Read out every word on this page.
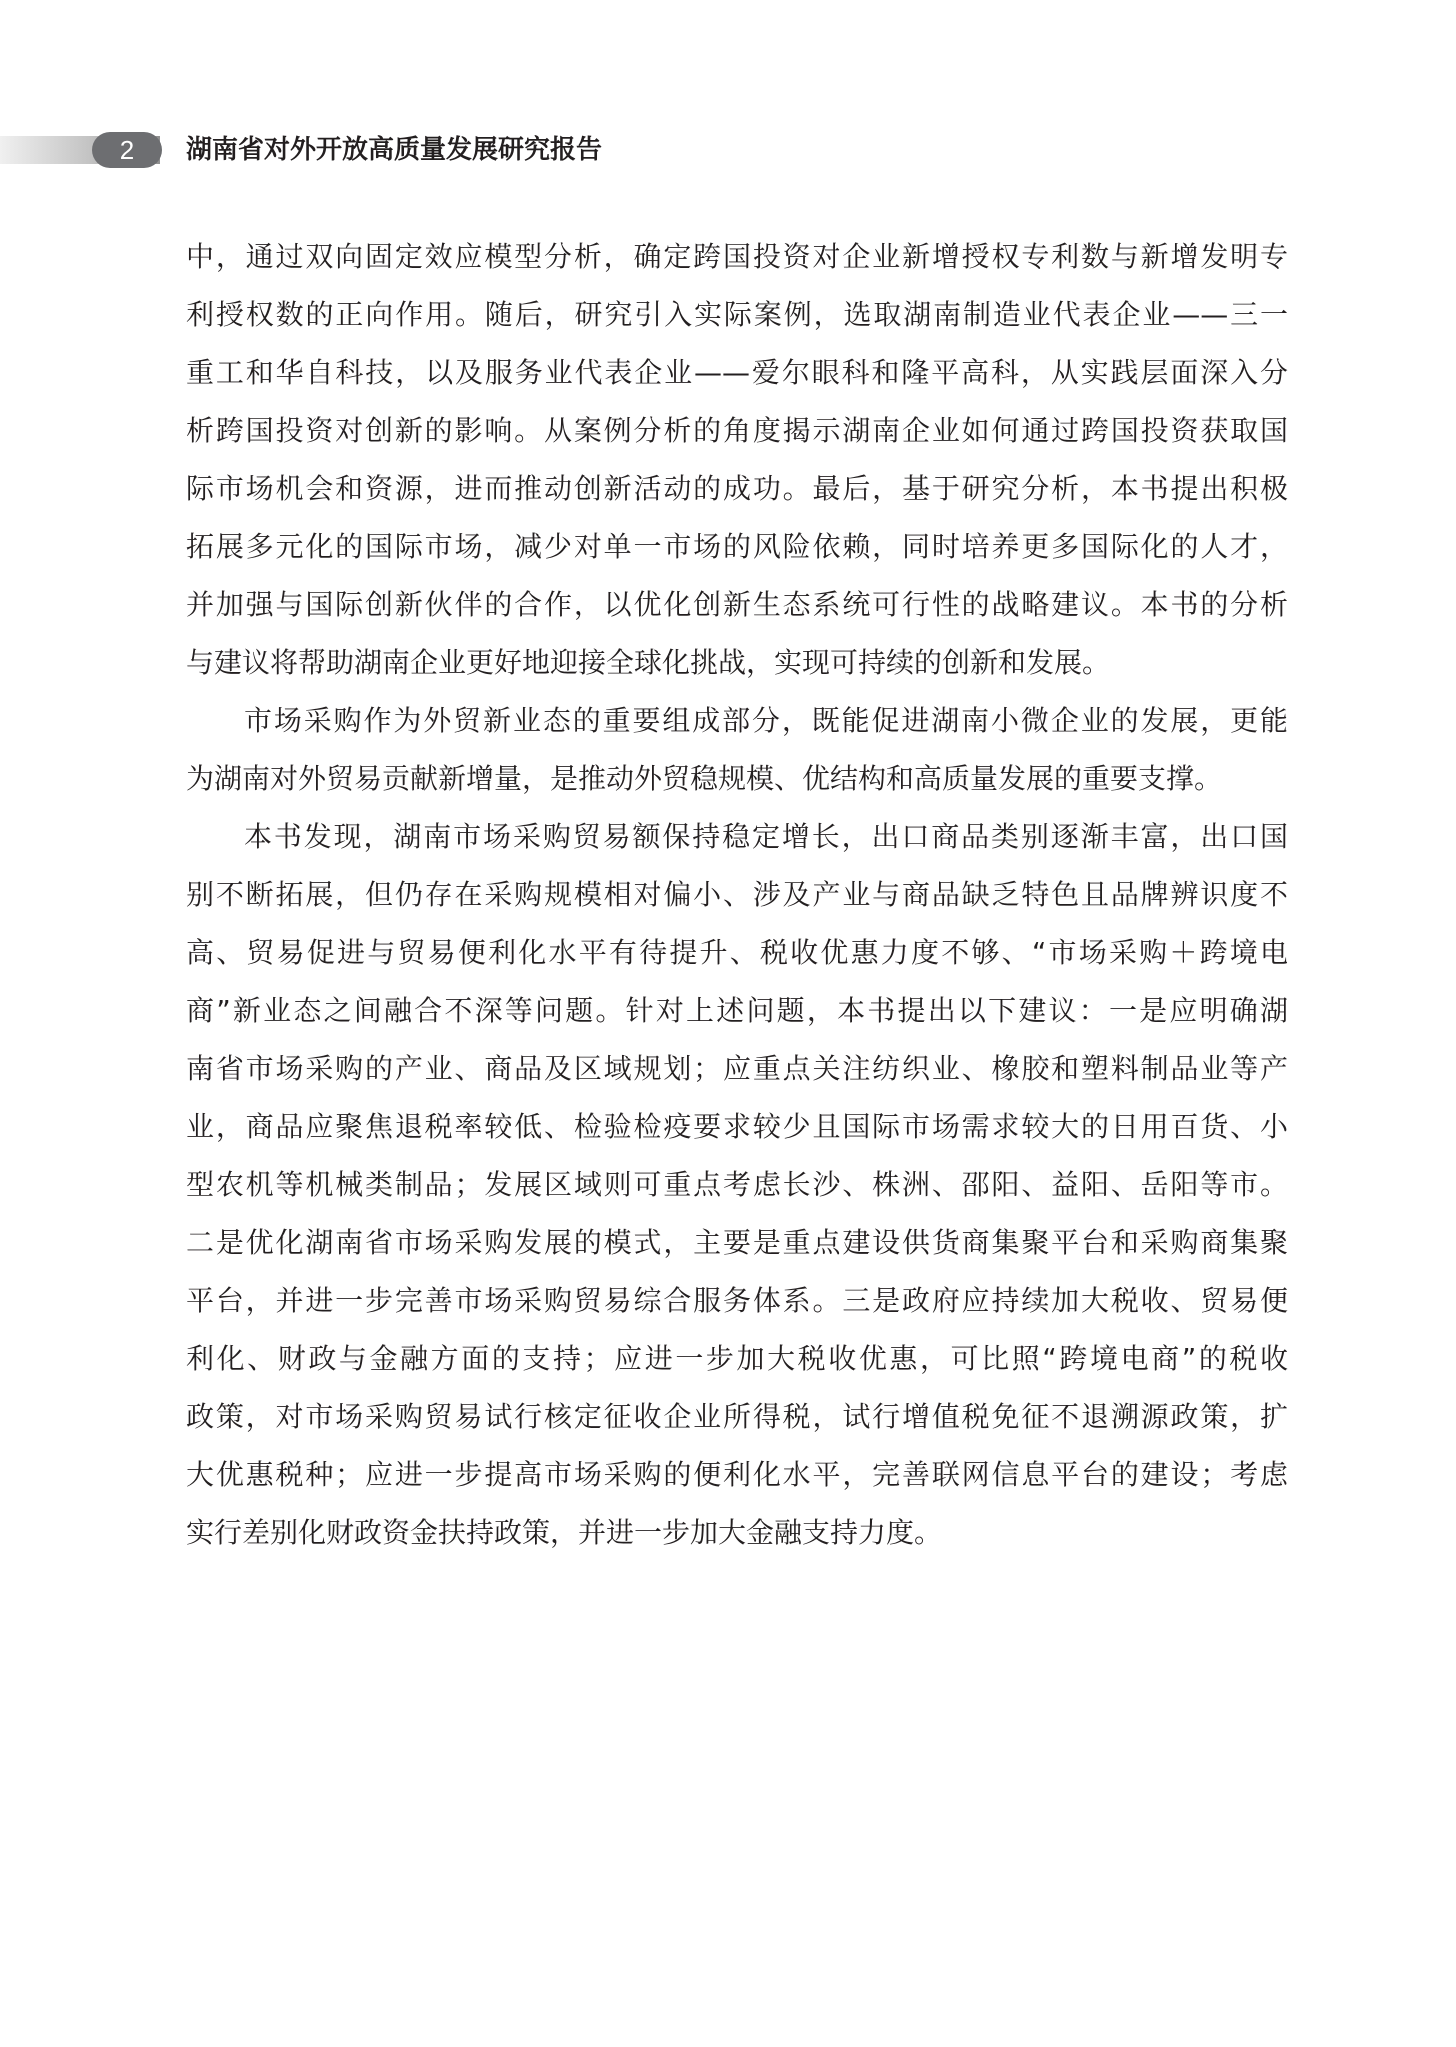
2	湖南省对外开放高质量发展研究报告
中，通过双向固定效应模型分析，确定跨国投资对企业新增授权专利数与新增发明专
利授权数的正向作用。随后，研究引入实际案例，选取湖南制造业代表企业——三一
重工和华自科技，以及服务业代表企业——爱尔眼科和隆平高科，从实践层面深入分
析跨国投资对创新的影响。从案例分析的角度揭示湖南企业如何通过跨国投资获取国
际市场机会和资源，进而推动创新活动的成功。最后，基于研究分析，本书提出积极
拓展多元化的国际市场，减少对单一市场的风险依赖，同时培养更多国际化的人才，
并加强与国际创新伙伴的合作，以优化创新生态系统可行性的战略建议。本书的分析
与建议将帮助湖南企业更好地迎接全球化挑战，实现可持续的创新和发展。
市场采购作为外贸新业态的重要组成部分，既能促进湖南小微企业的发展，更能
为湖南对外贸易贡献新增量，是推动外贸稳规模、优结构和高质量发展的重要支撑。
本书发现，湖南市场采购贸易额保持稳定增长，出口商品类别逐渐丰富，出口国
别不断拓展，但仍存在采购规模相对偏小、涉及产业与商品缺乏特色且品牌辨识度不
高、贸易促进与贸易便利化水平有待提升、税收优惠力度不够、“市场采购＋跨境电
商”新业态之间融合不深等问题。针对上述问题，本书提出以下建议：一是应明确湖
南省市场采购的产业、商品及区域规划；应重点关注纺织业、橡胶和塑料制品业等产
业，商品应聚焦退税率较低、检验检疫要求较少且国际市场需求较大的日用百货、小
型农机等机械类制品；发展区域则可重点考虑长沙、株洲、邵阳、益阳、岳阳等市。
二是优化湖南省市场采购发展的模式，主要是重点建设供货商集聚平台和采购商集聚
平台，并进一步完善市场采购贸易综合服务体系。三是政府应持续加大税收、贸易便
利化、财政与金融方面的支持；应进一步加大税收优惠，可比照“跨境电商”的税收
政策，对市场采购贸易试行核定征收企业所得税，试行增值税免征不退溯源政策，扩
大优惠税种；应进一步提高市场采购的便利化水平，完善联网信息平台的建设；考虑
实行差别化财政资金扶持政策，并进一步加大金融支持力度。
